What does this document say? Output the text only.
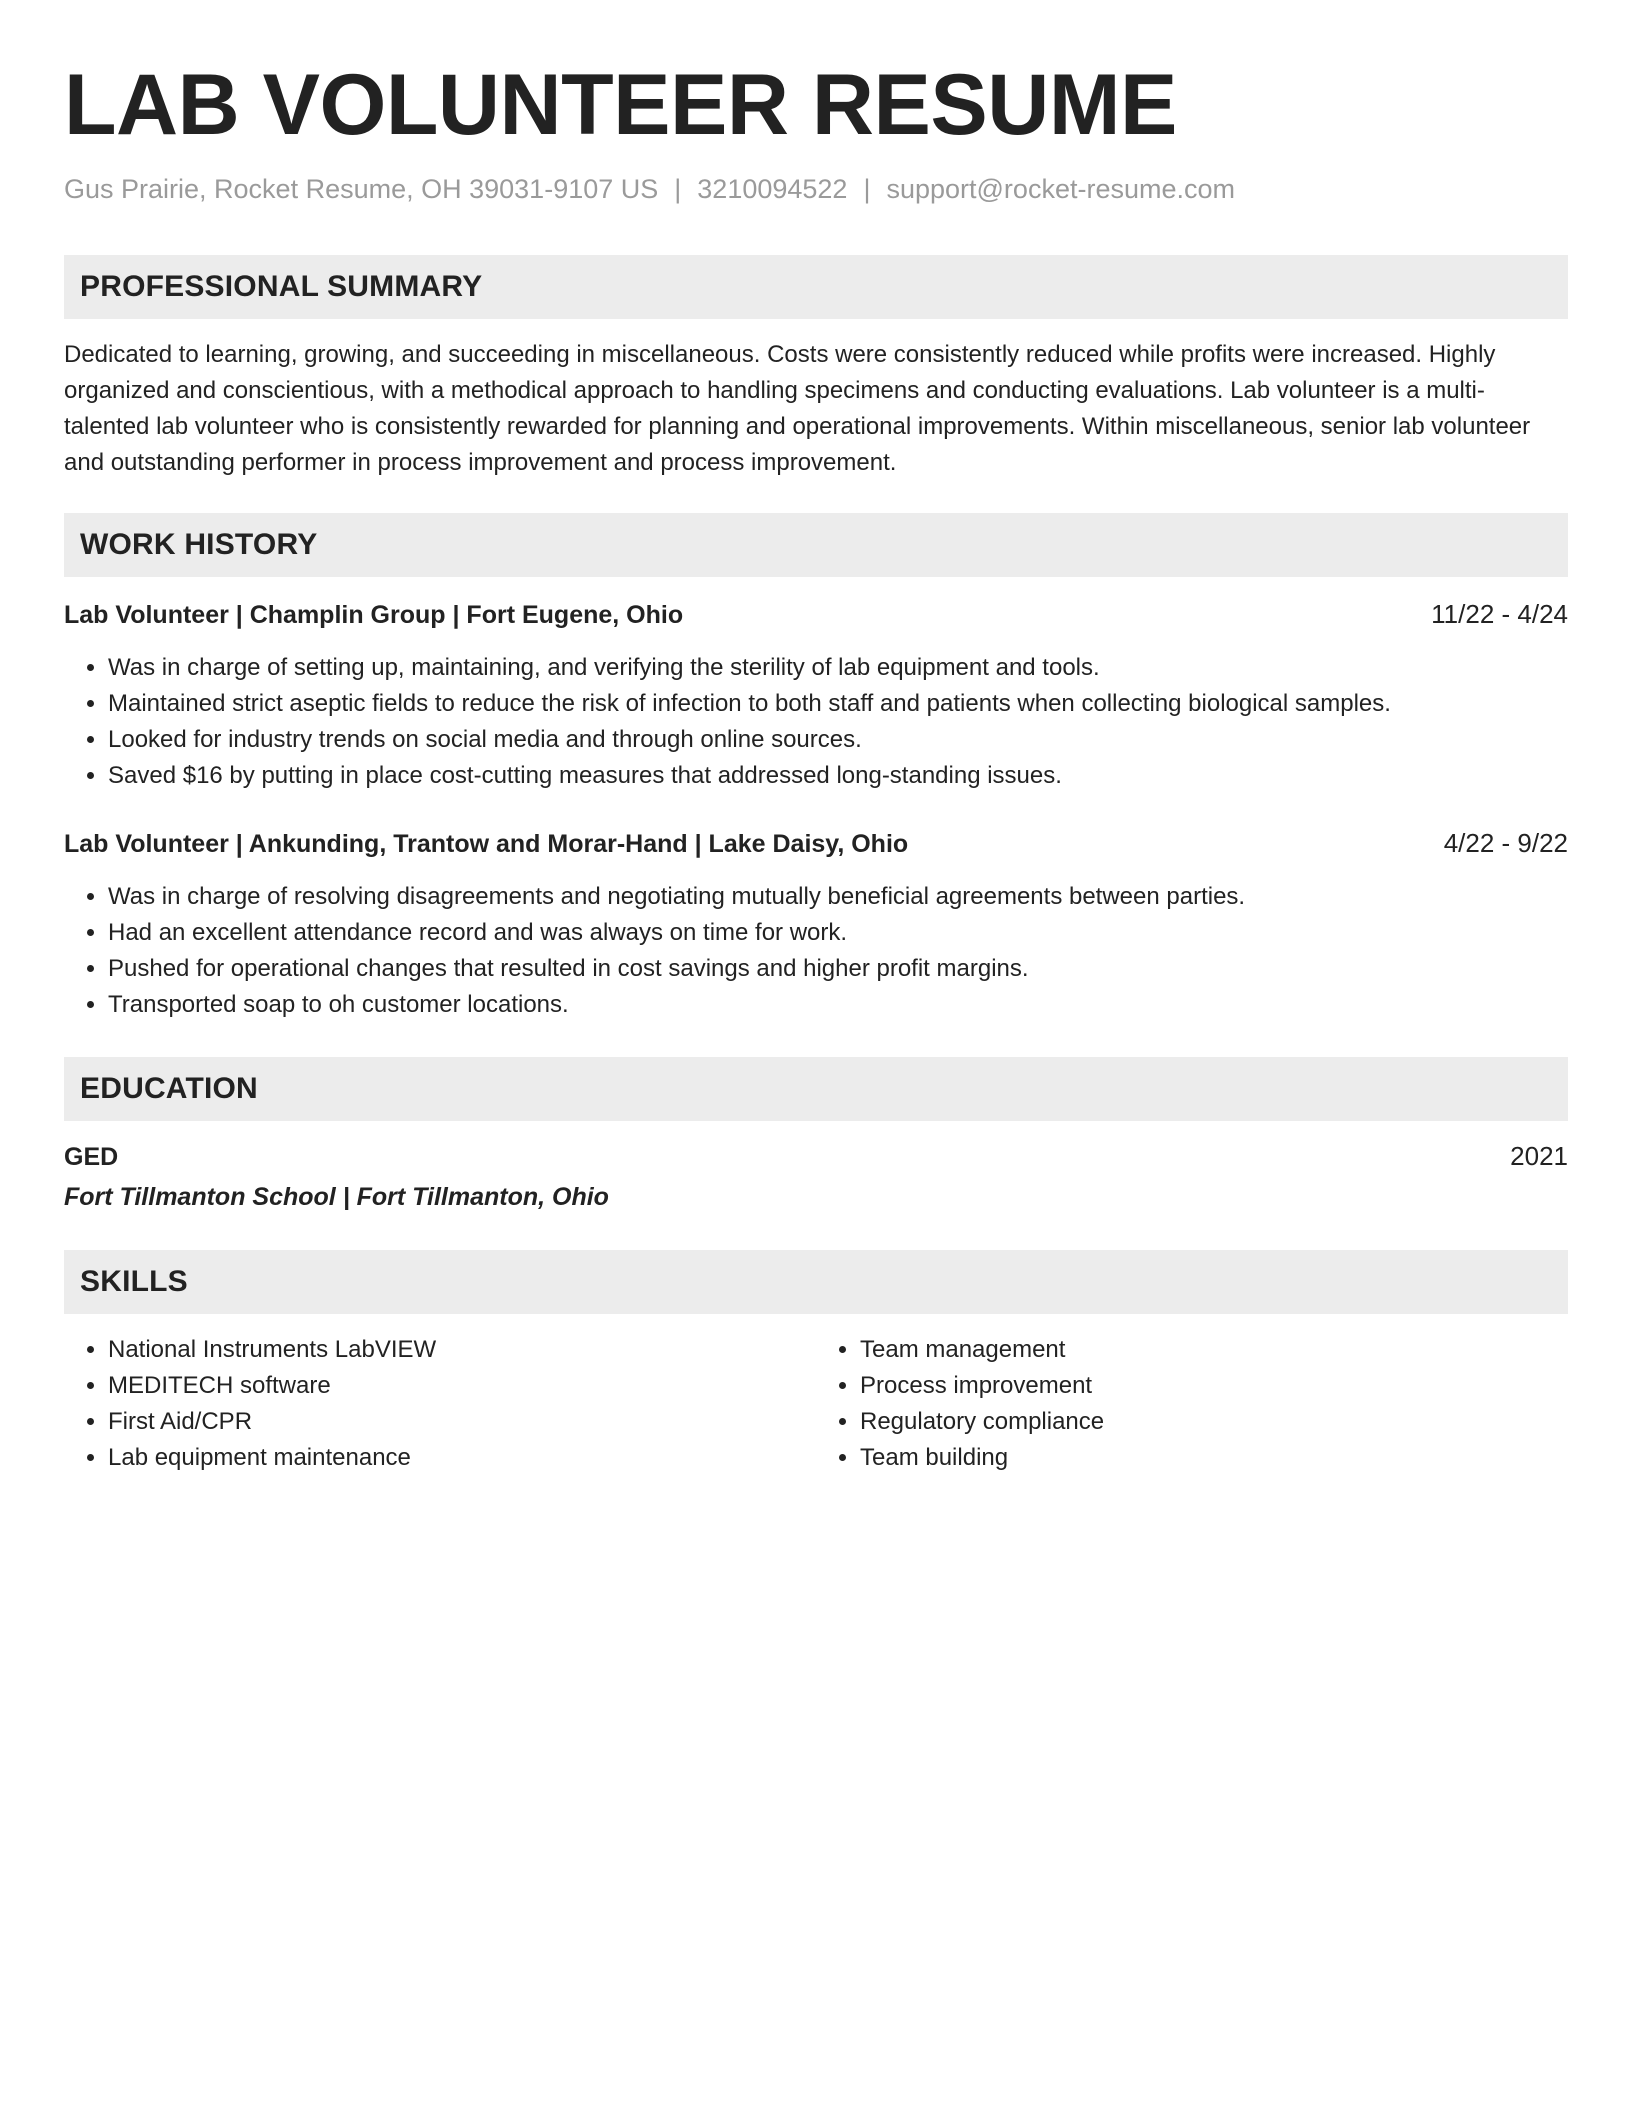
LAB VOLUNTEER RESUME
Gus Prairie, Rocket Resume, OH 39031-9107 US | 3210094522 | support@rocket-resume.com
PROFESSIONAL SUMMARY

Dedicated to learning, growing, and succeeding in miscellaneous. Costs were consistently reduced while profits were increased. Highly organized and conscientious, with a methodical approach to handling specimens and conducting evaluations. Lab volunteer is a multi-talented lab volunteer who is consistently rewarded for planning and operational improvements. Within miscellaneous, senior lab volunteer and outstanding performer in process improvement and process improvement.

WORK HISTORY
Lab Volunteer | Champlin Group | Fort Eugene, Ohio	11/22 - 4/24
• Was in charge of setting up, maintaining, and verifying the sterility of lab equipment and tools.
• Maintained strict aseptic fields to reduce the risk of infection to both staff and patients when collecting biological samples.
• Looked for industry trends on social media and through online sources.
• Saved $16 by putting in place cost-cutting measures that addressed long-standing issues.
Lab Volunteer | Ankunding, Trantow and Morar-Hand | Lake Daisy, Ohio	4/22 - 9/22
• Was in charge of resolving disagreements and negotiating mutually beneficial agreements between parties.
• Had an excellent attendance record and was always on time for work.
• Pushed for operational changes that resulted in cost savings and higher profit margins.
• Transported soap to oh customer locations.
EDUCATION
GED	2021
Fort Tillmanton School | Fort Tillmanton, Ohio
SKILLS
• National Instruments LabVIEW
• MEDITECH software
• First Aid/CPR
• Lab equipment maintenance
• Team management
• Process improvement
• Regulatory compliance
• Team building
